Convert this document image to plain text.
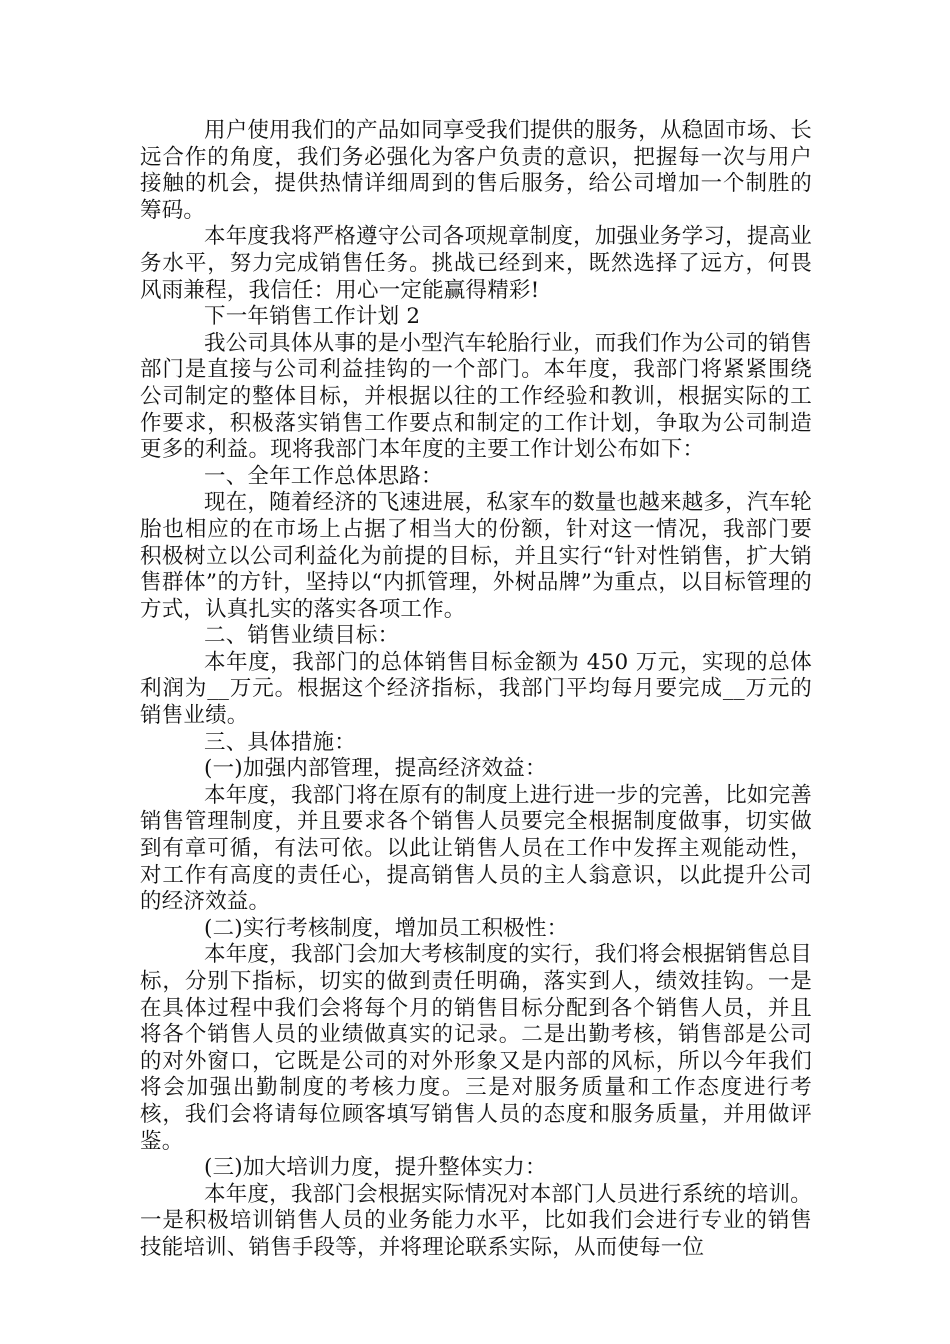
用户使用我们的产品如同享受我们提供的服务，从稳固市场、长远合作的角度，我们务必强化为客户负责的意识，把握每一次与用户接触的机会，提供热情详细周到的售后服务，给公司增加一个制胜的筹码。

本年度我将严格遵守公司各项规章制度，加强业务学习，提高业务水平，努力完成销售任务。挑战已经到来，既然选择了远方，何畏风雨兼程，我信任：用心一定能赢得精彩!

下一年销售工作计划 2

我公司具体从事的是小型汽车轮胎行业，而我们作为公司的销售部门是直接与公司利益挂钩的一个部门。本年度，我部门将紧紧围绕公司制定的整体目标，并根据以往的工作经验和教训，根据实际的工作要求，积极落实销售工作要点和制定的工作计划，争取为公司制造更多的利益。现将我部门本年度的主要工作计划公布如下：

一、全年工作总体思路：

现在，随着经济的飞速进展，私家车的数量也越来越多，汽车轮胎也相应的在市场上占据了相当大的份额，针对这一情况，我部门要积极树立以公司利益化为前提的目标，并且实行“针对性销售，扩大销售群体”的方针，坚持以“内抓管理，外树品牌”为重点，以目标管理的方式，认真扎实的落实各项工作。

二、销售业绩目标：

本年度，我部门的总体销售目标金额为 450 万元，实现的总体利润为__万元。根据这个经济指标，我部门平均每月要完成__万元的销售业绩。

三、具体措施：

(一)加强内部管理，提高经济效益：

本年度，我部门将在原有的制度上进行进一步的完善，比如完善销售管理制度，并且要求各个销售人员要完全根据制度做事，切实做到有章可循，有法可依。以此让销售人员在工作中发挥主观能动性，对工作有高度的责任心，提高销售人员的主人翁意识，以此提升公司的经济效益。

(二)实行考核制度，增加员工积极性：

本年度，我部门会加大考核制度的实行，我们将会根据销售总目标，分别下指标，切实的做到责任明确，落实到人，绩效挂钩。一是在具体过程中我们会将每个月的销售目标分配到各个销售人员，并且将各个销售人员的业绩做真实的记录。二是出勤考核，销售部是公司的对外窗口，它既是公司的对外形象又是内部的风标，所以今年我们将会加强出勤制度的考核力度。三是对服务质量和工作态度进行考核，我们会将请每位顾客填写销售人员的态度和服务质量，并用做评鉴。

(三)加大培训力度，提升整体实力：

本年度，我部门会根据实际情况对本部门人员进行系统的培训。一是积极培训销售人员的业务能力水平，比如我们会进行专业的销售技能培训、销售手段等，并将理论联系实际，从而使每一位
